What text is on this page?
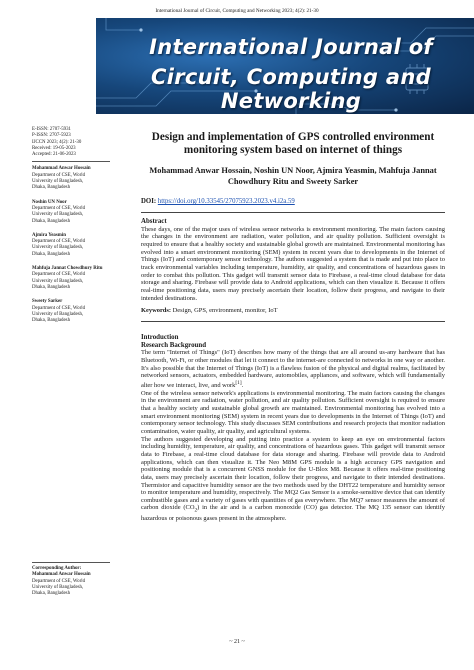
International Journal of Circuit, Computing and Networking 2023; 4(2): 21-30
International Journal of
Circuit, Computing and Networking
E-ISSN: 2707-5931
P-ISSN: 2707-5923
IJCCN 2023; 4(2): 21-30
Received: 19-05-2023
Accepted: 21-06-2023
Mohammad Anwar Hossain
Department of CSE, World
University of Bangladesh,
Dhaka, Bangladesh
Noshin UN Noor
Department of CSE, World
University of Bangladesh,
Dhaka, Bangladesh
Ajmira Yeasmin
Department of CSE, World
University of Bangladesh,
Dhaka, Bangladesh
Mahfuja Jannat Chowdhury Ritu
Department of CSE, World
University of Bangladesh,
Dhaka, Bangladesh
Sweety Sarker
Department of CSE, World
University of Bangladesh,
Dhaka, Bangladesh
Corresponding Author:
Mohammad Anwar Hossain
Department of CSE, World
University of Bangladesh,
Dhaka, Bangladesh
Design and implementation of GPS controlled environment monitoring system based on internet of things
Mohammad Anwar Hossain, Noshin UN Noor, Ajmira Yeasmin, Mahfuja Jannat Chowdhury Ritu and Sweety Sarker
DOI: https://doi.org/10.33545/27075923.2023.v4.i2a.59
Abstract

These days, one of the major uses of wireless sensor networks is environment monitoring. The main factors causing the changes in the environment are radiation, water pollution, and air quality pollution. Sufficient oversight is required to ensure that a healthy society and sustainable global growth are maintained. Environmental monitoring has evolved into a smart environment monitoring (SEM) system in recent years due to developments in the Internet of Things (IoT) and contemporary sensor technology. The authors suggested a system that is made and put into place to track environmental variables including temperature, humidity, air quality, and concentrations of hazardous gases in order to combat this pollution. This gadget will transmit sensor data to Firebase, a real-time cloud database for data storage and sharing. Firebase will provide data to Android applications, which can then visualize it. Because it offers real-time positioning data, users may precisely ascertain their location, follow their progress, and navigate to their intended destinations.

Keywords: Design, GPS, environment, monitor, IoT
Introduction
Research Background

The term "Internet of Things" (IoT) describes how many of the things that are all around us-any hardware that has Bluetooth, Wi-Fi, or other modules that let it connect to the internet-are connected to networks in one way or another. It's also possible that the Internet of Things (IoT) is a flawless fusion of the physical and digital realms, facilitated by networked sensors, actuators, embedded hardware, automobiles, appliances, and software, which will fundamentally alter how we interact, live, and work[1].

One of the wireless sensor network's applications is environmental monitoring. The main factors causing the changes in the environment are radiation, water pollution, and air quality pollution. Sufficient oversight is required to ensure that a healthy society and sustainable global growth are maintained. Environmental monitoring has evolved into a smart environment monitoring (SEM) system in recent years due to developments in the Internet of Things (IoT) and contemporary sensor technology. This study discusses SEM contributions and research projects that monitor radiation contamination, water quality, air quality, and agricultural systems.

The authors suggested developing and putting into practice a system to keep an eye on environmental factors including humidity, temperature, air quality, and concentrations of hazardous gases. This gadget will transmit sensor data to Firebase, a real-time cloud database for data storage and sharing. Firebase will provide data to Android applications, which can then visualize it. The Neo M8M GPS module is a high accuracy GPS navigation and positioning module that is a concurrent GNSS module for the U-Blox M8. Because it offers real-time positioning data, users may precisely ascertain their location, follow their progress, and navigate to their intended destinations. Thermistor and capacitive humidity sensor are the two methods used by the DHT22 temperature and humidity sensor to monitor temperature and humidity, respectively. The MQ2 Gas Sensor is a smoke-sensitive device that can identify combustible gases and a variety of gases with quantities of gas everywhere. The MQ7 sensor measures the amount of carbon dioxide $(CO_2)$ in the air and is a carbon monoxide (CO) gas detector. The MQ 135 sensor can identify hazardous or poisonous gases present in the atmosphere.

~ 21 ~
